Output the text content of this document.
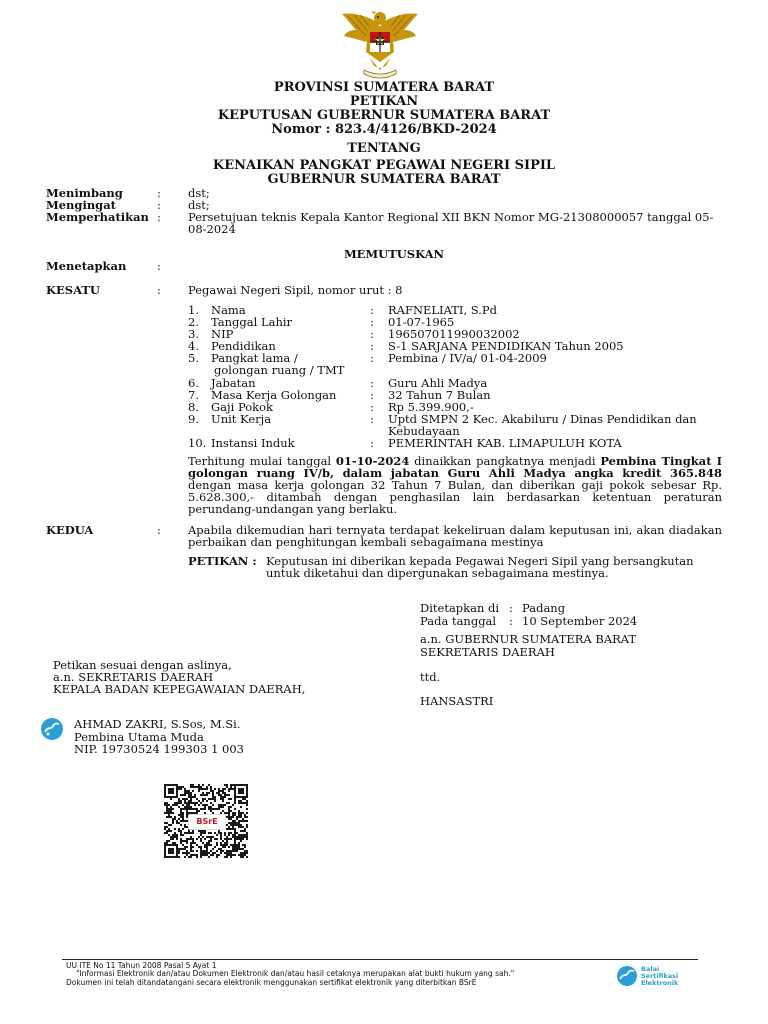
PROVINSI SUMATERA BARAT
PETIKAN
KEPUTUSAN GUBERNUR SUMATERA BARAT
Nomor : 823.4/4126/BKD-2024
TENTANG
KENAIKAN PANGKAT PEGAWAI NEGERI SIPIL
GUBERNUR SUMATERA BARAT
Menimbang	: dst;
Mengingat	: dst;
Memperhatikan : Persetujuan teknis Kepala Kantor Regional XII BKN Nomor MG-21308000057 tanggal 05-08-2024
MEMUTUSKAN
Menetapkan	:
KESATU	: Pegawai Negeri Sipil, nomor urut : 8
1. Nama	: RAFNELIATI, S.Pd
2. Tanggal Lahir	: 01-07-1965
3. NIP	: 196507011990032002
4. Pendidikan	: S-1 SARJANA PENDIDIKAN Tahun 2005
5. Pangkat lama /
golongan ruang / TMT
: Pembina / IV/a/ 01-04-2009
6. Jabatan	: Guru Ahli Madya
7. Masa Kerja Golongan	: 32 Tahun 7 Bulan
8. Gaji Pokok	: Rp 5.399.900,-
9. Unit Kerja	: Uptd SMPN 2 Kec. Akabiluru / Dinas Pendidikan dan
Kebudayaan
10. Instansi Induk	: PEMERINTAH KAB. LIMAPULUH KOTA
Terhitung mulai tanggal 01-10-2024 dinaikkan pangkatnya menjadi Pembina Tingkat I golongan ruang IV/b, dalam jabatan Guru Ahli Madya angka kredit 365.848 dengan masa kerja golongan 32 Tahun 7 Bulan, dan diberikan gaji pokok sebesar Rp. 5.628.300,- ditambah dengan penghasilan lain berdasarkan ketentuan peraturan perundang-undangan yang berlaku.
KEDUA	: Apabila dikemudian hari ternyata terdapat kekeliruan dalam keputusan ini, akan diadakan perbaikan dan penghitungan kembali sebagaimana mestinya
PETIKAN : Keputusan ini diberikan kepada Pegawai Negeri Sipil yang bersangkutan
untuk diketahui dan dipergunakan sebagaimana mestinya.
Ditetapkan di : Padang
Pada tanggal : 10 September 2024
a.n. GUBERNUR SUMATERA BARAT
SEKRETARIS DAERAH
ttd.
HANSASTRI
Petikan sesuai dengan aslinya,
a.n. SEKRETARIS DAERAH
KEPALA BADAN KEPEGAWAIAN DAERAH,
AHMAD ZAKRI, S.Sos, M.Si.
Pembina Utama Muda
NIP. 19730524 199303 1 003
BSrE
UU ITE No 11 Tahun 2008 Pasal 5 Ayat 1
"Informasi Elektronik dan/atau Dokumen Elektronik dan/atau hasil cetaknya merupakan alat bukti hukum yang sah."
Dokumen ini telah ditandatangani secara elektronik menggunakan sertifikat elektronik yang diterbitkan BSrE
Balai
Sertifikasi
Elektronik
